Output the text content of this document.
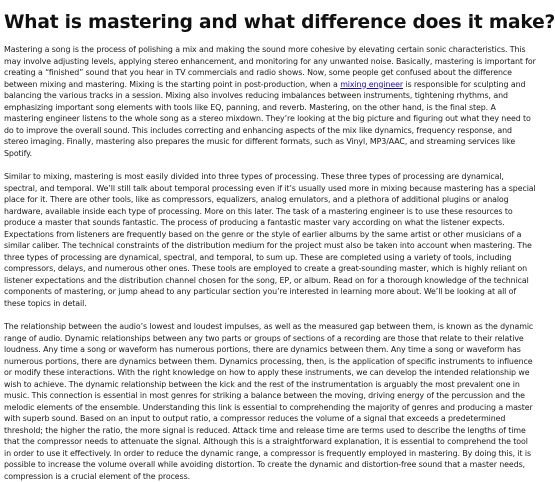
What is mastering and what difference does it make?

Mastering a song is the process of polishing a mix and making the sound more cohesive by elevating certain sonic characteristics. This may involve adjusting levels, applying stereo enhancement, and monitoring for any unwanted noise. Basically, mastering is important for creating a “finished” sound that you hear in TV commercials and radio shows. Now, some people get confused about the difference between mixing and mastering. Mixing is the starting point in post-production, when a mixing engineer is responsible for sculpting and balancing the various tracks in a session. Mixing also involves reducing imbalances between instruments, tightening rhythms, and emphasizing important song elements with tools like EQ, panning, and reverb. Mastering, on the other hand, is the final step. A mastering engineer listens to the whole song as a stereo mixdown. They’re looking at the big picture and figuring out what they need to do to improve the overall sound. This includes correcting and enhancing aspects of the mix like dynamics, frequency response, and stereo imaging. Finally, mastering also prepares the music for different formats, such as Vinyl, MP3/AAC, and streaming services like Spotify.

Similar to mixing, mastering is most easily divided into three types of processing. These three types of processing are dynamical, spectral, and temporal. We’ll still talk about temporal processing even if it’s usually used more in mixing because mastering has a special place for it. There are other tools, like as compressors, equalizers, analog emulators, and a plethora of additional plugins or analog hardware, available inside each type of processing. More on this later. The task of a mastering engineer is to use these resources to produce a master that sounds fantastic. The process of producing a fantastic master vary according on what the listener expects. Expectations from listeners are frequently based on the genre or the style of earlier albums by the same artist or other musicians of a similar caliber. The technical constraints of the distribution medium for the project must also be taken into account when mastering. The three types of processing are dynamical, spectral, and temporal, to sum up. These are completed using a variety of tools, including compressors, delays, and numerous other ones. These tools are employed to create a great-sounding master, which is highly reliant on listener expectations and the distribution channel chosen for the song, EP, or album. Read on for a thorough knowledge of the technical components of mastering, or jump ahead to any particular section you’re interested in learning more about. We’ll be looking at all of these topics in detail.

The relationship between the audio’s lowest and loudest impulses, as well as the measured gap between them, is known as the dynamic range of audio. Dynamic relationships between any two parts or groups of sections of a recording are those that relate to their relative loudness. Any time a song or waveform has numerous portions, there are dynamics between them. Any time a song or waveform has numerous portions, there are dynamics between them. Dynamics processing, then, is the application of specific instruments to influence or modify these interactions. With the right knowledge on how to apply these instruments, we can develop the intended relationship we wish to achieve. The dynamic relationship between the kick and the rest of the instrumentation is arguably the most prevalent one in music. This connection is essential in most genres for striking a balance between the moving, driving energy of the percussion and the melodic elements of the ensemble. Understanding this link is essential to comprehending the majority of genres and producing a master with superb sound. Based on an input to output ratio, a compressor reduces the volume of a signal that exceeds a predetermined threshold; the higher the ratio, the more signal is reduced. Attack time and release time are terms used to describe the lengths of time that the compressor needs to attenuate the signal. Although this is a straightforward explanation, it is essential to comprehend the tool in order to use it effectively. In order to reduce the dynamic range, a compressor is frequently employed in mastering. By doing this, it is possible to increase the volume overall while avoiding distortion. To create the dynamic and distortion-free sound that a master needs, compression is a crucial element of the process.
